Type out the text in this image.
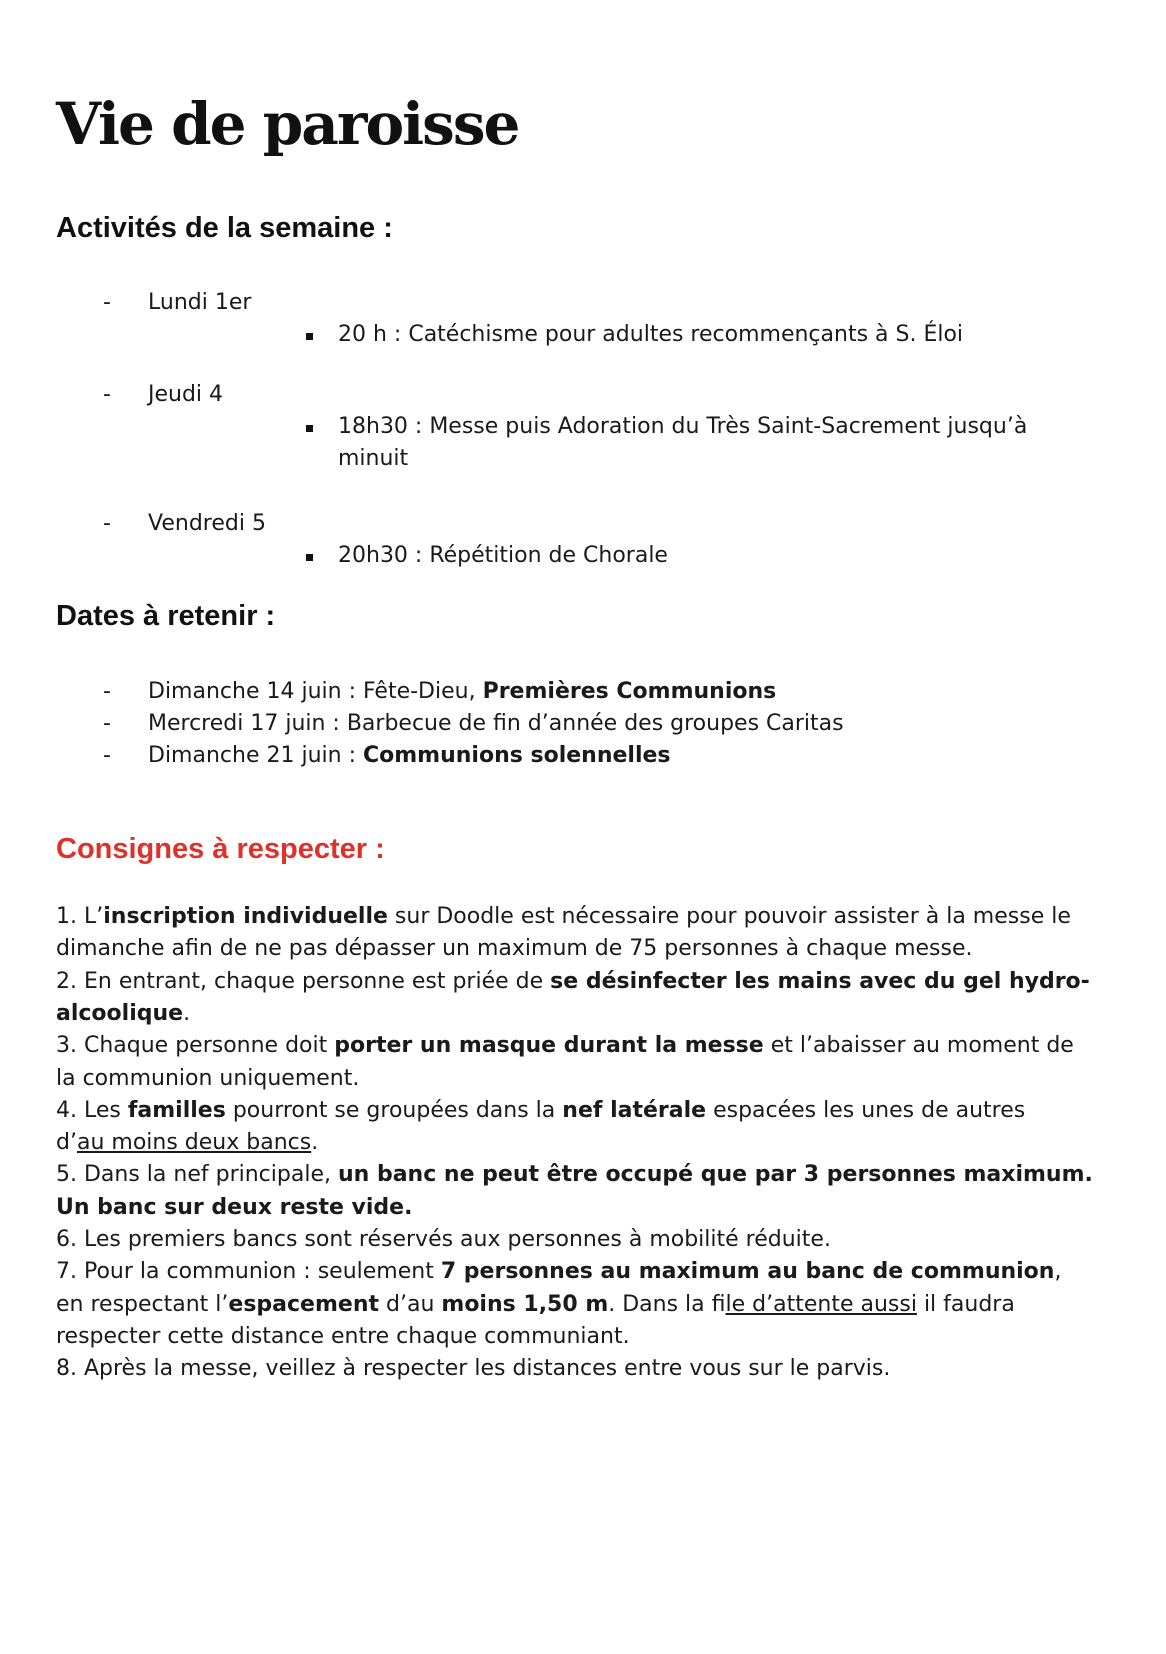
Vie de paroisse
Activités de la semaine :
- Lundi 1er
20 h : Catéchisme pour adultes recommençants à S. Éloi
- Jeudi 4
18h30 : Messe puis Adoration du Très Saint-Sacrement jusqu’à
minuit
- Vendredi 5
20h30 : Répétition de Chorale
Dates à retenir :
- Dimanche 14 juin : Fête-Dieu, Premières Communions
- Mercredi 17 juin : Barbecue de fin d’année des groupes Caritas
- Dimanche 21 juin : Communions solennelles
Consignes à respecter :
1. L’inscription individuelle sur Doodle est nécessaire pour pouvoir assister à la messe le
dimanche afin de ne pas dépasser un maximum de 75 personnes à chaque messe.
2. En entrant, chaque personne est priée de se désinfecter les mains avec du gel hydro-
alcoolique.
3. Chaque personne doit porter un masque durant la messe et l’abaisser au moment de
la communion uniquement.
4. Les familles pourront se groupées dans la nef latérale espacées les unes de autres
d’au moins deux bancs.
5. Dans la nef principale, un banc ne peut être occupé que par 3 personnes maximum.
Un banc sur deux reste vide.
6. Les premiers bancs sont réservés aux personnes à mobilité réduite.
7. Pour la communion : seulement 7 personnes au maximum au banc de communion,
en respectant l’espacement d’au moins 1,50 m. Dans la file d’attente aussi il faudra
respecter cette distance entre chaque communiant.
8. Après la messe, veillez à respecter les distances entre vous sur le parvis.
